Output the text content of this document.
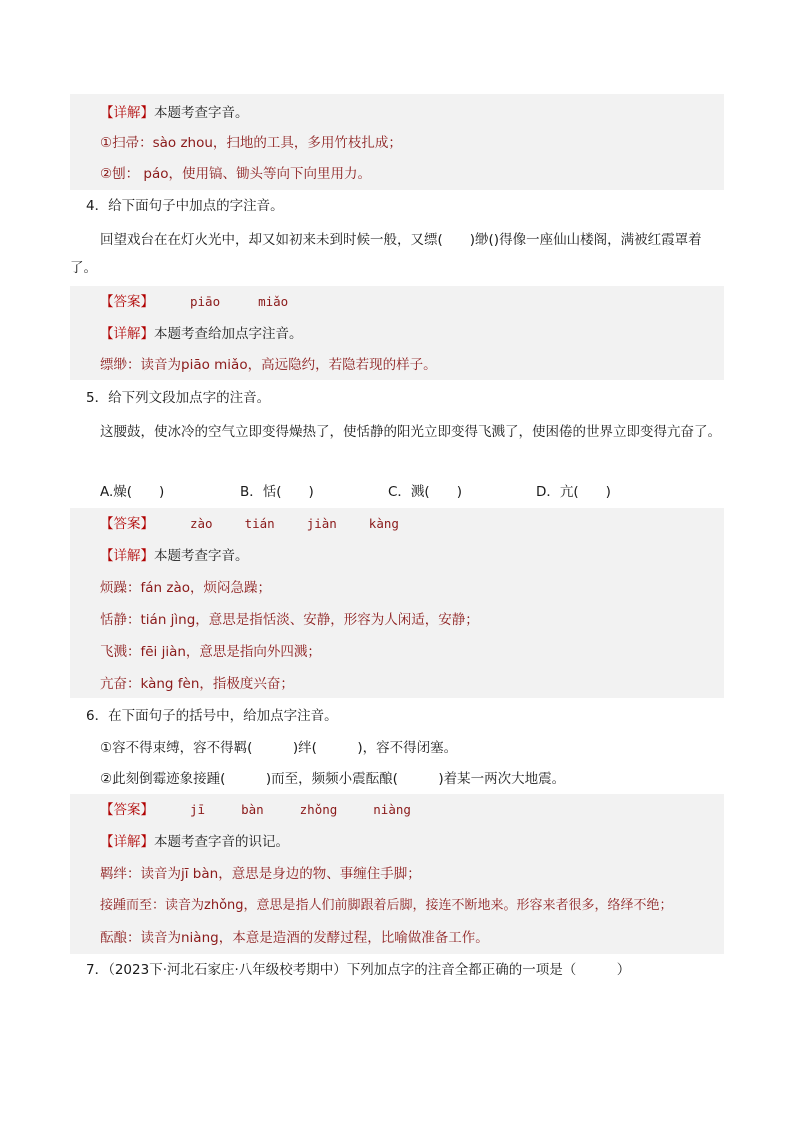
【详解】本题考查字音。
①扫帚：sào zhou，扫地的工具，多用竹枝扎成；
②刨： páo，使用镐、锄头等向下向里用力。
4．给下面句子中加点的字注音。
回望戏台在在灯火光中，却又如初来未到时候一般，又缥(　　)缈()得像一座仙山楼阁，满被红霞罩着了。
【答案】	piāo	miǎo
【详解】本题考查给加点字注音。
缥缈：读音为piāo miǎo，高远隐约，若隐若现的样子。
5．给下列文段加点字的注音。
这腰鼓，使冰冷的空气立即变得燥热了，使恬静的阳光立即变得飞溅了，使困倦的世界立即变得亢奋了。
A.燥(　　)	B．恬(　　)	C．溅(　　)	D．亢(　　)
【答案】	zào	tián	jiàn	kàng
【详解】本题考查字音。
烦躁：fán zào，烦闷急躁；
恬静：tián jìng，意思是指恬淡、安静，形容为人闲适，安静；
飞溅：fēi jiàn，意思是指向外四溅；
亢奋：kàng fèn，指极度兴奋；
6．在下面句子的括号中，给加点字注音。
①容不得束缚，容不得羁(　　　)绊(　　　)，容不得闭塞。
②此刻倒霉迹象接踵(　　　)而至，频频小震酝酿(　　　)着某一两次大地震。
【答案】	jī	bàn	zhǒng	niàng
【详解】本题考查字音的识记。
羁绊：读音为jī bàn，意思是身边的物、事缠住手脚；
接踵而至：读音为zhǒng，意思是指人们前脚跟着后脚，接连不断地来。形容来者很多，络绎不绝；
酝酿：读音为niàng，本意是造酒的发酵过程，比喻做准备工作。
7．（2023下·河北石家庄·八年级校考期中）下列加点字的注音全都正确的一项是（　　　）
